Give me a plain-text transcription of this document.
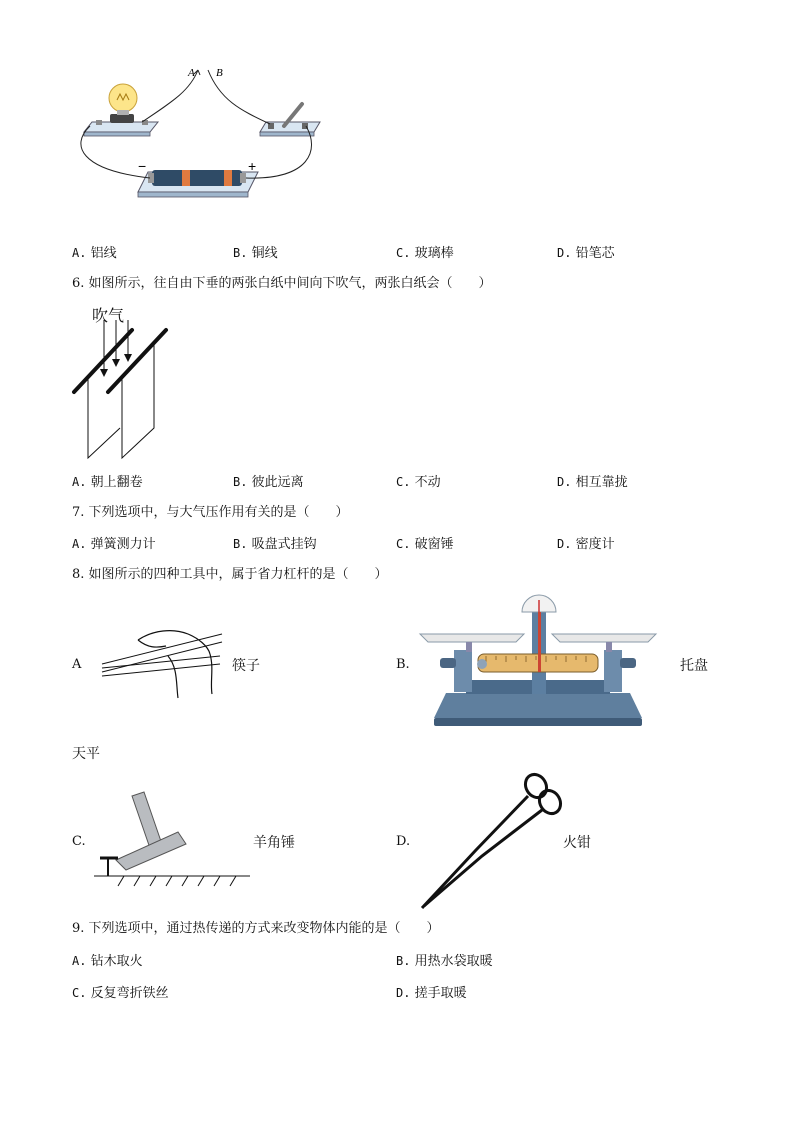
A B
−	+
A. 铝线	B. 铜线	C. 玻璃棒	D. 铅笔芯
6. 如图所示，往自由下垂的两张白纸中间向下吹气，两张白纸会（　　）
吹气
A. 朝上翻卷	B. 彼此远离	C. 不动	D. 相互靠拢
7. 下列选项中，与大气压作用有关的是（　　）
A. 弹簧测力计	B. 吸盘式挂钩	C. 破窗锤	D. 密度计
8. 如图所示的四种工具中，属于省力杠杆的是（　　）
A	筷子	B.	托盘
天平
C.	羊角锤	D.	火钳
9. 下列选项中，通过热传递的方式来改变物体内能的是（　　）
A. 钻木取火	B. 用热水袋取暖
C. 反复弯折铁丝	D. 搓手取暖
